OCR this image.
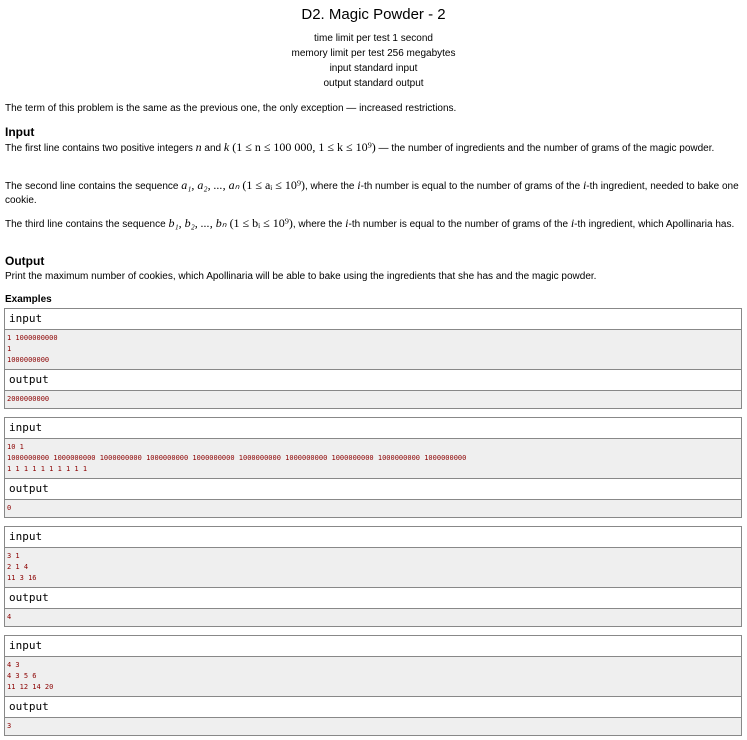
D2. Magic Powder - 2
time limit per test 1 second
memory limit per test 256 megabytes
input standard input
output standard output
The term of this problem is the same as the previous one, the only exception — increased restrictions.
Input
The first line contains two positive integers n and k (1 ≤ n ≤ 100 000, 1 ≤ k ≤ 10⁹) — the number of ingredients and the number of grams of the magic powder.
The second line contains the sequence a₁, a₂, ..., aₙ (1 ≤ aᵢ ≤ 10⁹), where the i-th number is equal to the number of grams of the i-th ingredient, needed to bake one cookie.
The third line contains the sequence b₁, b₂, ..., bₙ (1 ≤ bᵢ ≤ 10⁹), where the i-th number is equal to the number of grams of the i-th ingredient, which Apollinaria has.
Output
Print the maximum number of cookies, which Apollinaria will be able to bake using the ingredients that she has and the magic powder.
Examples
input
1 1000000000
1
1000000000
output
2000000000
input
10 1
1000000000 1000000000 1000000000 1000000000 1000000000 1000000000 1000000000 1000000000 1000000000 1000000000
1 1 1 1 1 1 1 1 1 1
output
0
input
3 1
2 1 4
11 3 16
output
4
input
4 3
4 3 5 6
11 12 14 20
output
3
